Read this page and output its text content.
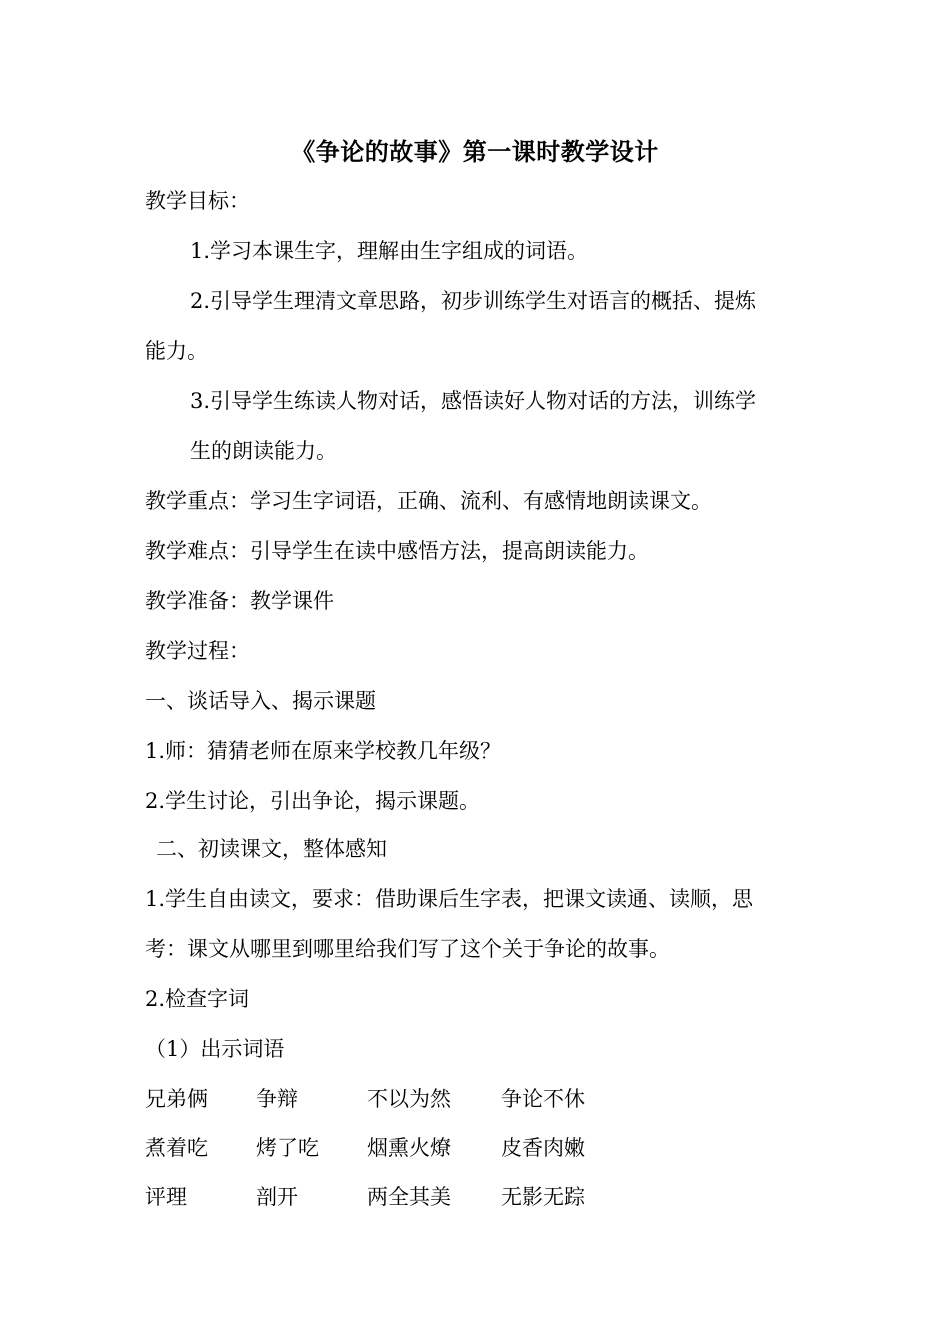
《争论的故事》第一课时教学设计
教学目标：
1.学习本课生字，理解由生字组成的词语。
2.引导学生理清文章思路，初步训练学生对语言的概括、提炼
能力。
3.引导学生练读人物对话，感悟读好人物对话的方法，训练学
生的朗读能力。
教学重点：学习生字词语，正确、流利、有感情地朗读课文。
教学难点：引导学生在读中感悟方法，提高朗读能力。
教学准备：教学课件
教学过程：
一、谈话导入、揭示课题
1.师：猜猜老师在原来学校教几年级？
2.学生讨论，引出争论，揭示课题。
二、初读课文，整体感知
1.学生自由读文，要求：借助课后生字表，把课文读通、读顺，思
考：课文从哪里到哪里给我们写了这个关于争论的故事。
2.检查字词
（1）出示词语
兄弟俩 争辩	不以为然 争论不休
煮着吃 烤了吃 烟熏火燎 皮香肉嫩
评理	剖开	两全其美 无影无踪
